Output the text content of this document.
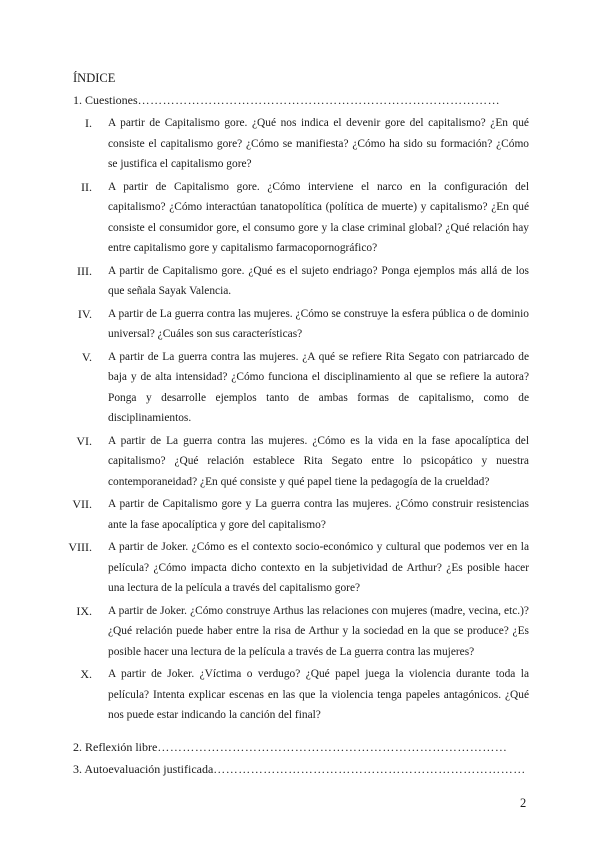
ÍNDICE
1. Cuestiones……………………………………………………………………………
I. A partir de Capitalismo gore. ¿Qué nos indica el devenir gore del capitalismo? ¿En qué consiste el capitalismo gore? ¿Cómo se manifiesta? ¿Cómo ha sido su formación? ¿Cómo se justifica el capitalismo gore?
II. A partir de Capitalismo gore. ¿Cómo interviene el narco en la configuración del capitalismo? ¿Cómo interactúan tanatopolítica (política de muerte) y capitalismo? ¿En qué consiste el consumidor gore, el consumo gore y la clase criminal global? ¿Qué relación hay entre capitalismo gore y capitalismo farmacopornográfico?
III. A partir de Capitalismo gore. ¿Qué es el sujeto endriago? Ponga ejemplos más allá de los que señala Sayak Valencia.
IV. A partir de La guerra contra las mujeres. ¿Cómo se construye la esfera pública o de dominio universal? ¿Cuáles son sus características?
V. A partir de La guerra contra las mujeres. ¿A qué se refiere Rita Segato con patriarcado de baja y de alta intensidad? ¿Cómo funciona el disciplinamiento al que se refiere la autora? Ponga y desarrolle ejemplos tanto de ambas formas de capitalismo, como de disciplinamientos.
VI. A partir de La guerra contra las mujeres. ¿Cómo es la vida en la fase apocalíptica del capitalismo? ¿Qué relación establece Rita Segato entre lo psicopático y nuestra contemporaneidad? ¿En qué consiste y qué papel tiene la pedagogía de la crueldad?
VII. A partir de Capitalismo gore y La guerra contra las mujeres. ¿Cómo construir resistencias ante la fase apocalíptica y gore del capitalismo?
VIII. A partir de Joker. ¿Cómo es el contexto socio-económico y cultural que podemos ver en la película? ¿Cómo impacta dicho contexto en la subjetividad de Arthur? ¿Es posible hacer una lectura de la película a través del capitalismo gore?
IX. A partir de Joker. ¿Cómo construye Arthus las relaciones con mujeres (madre, vecina, etc.)? ¿Qué relación puede haber entre la risa de Arthur y la sociedad en la que se produce? ¿Es posible hacer una lectura de la película a través de La guerra contra las mujeres?
X. A partir de Joker. ¿Víctima o verdugo? ¿Qué papel juega la violencia durante toda la película? Intenta explicar escenas en las que la violencia tenga papeles antagónicos. ¿Qué nos puede estar indicando la canción del final?
2. Reflexión libre…………………………………………………………………………
3. Autoevaluación justificada…………………………………………………………………
2
